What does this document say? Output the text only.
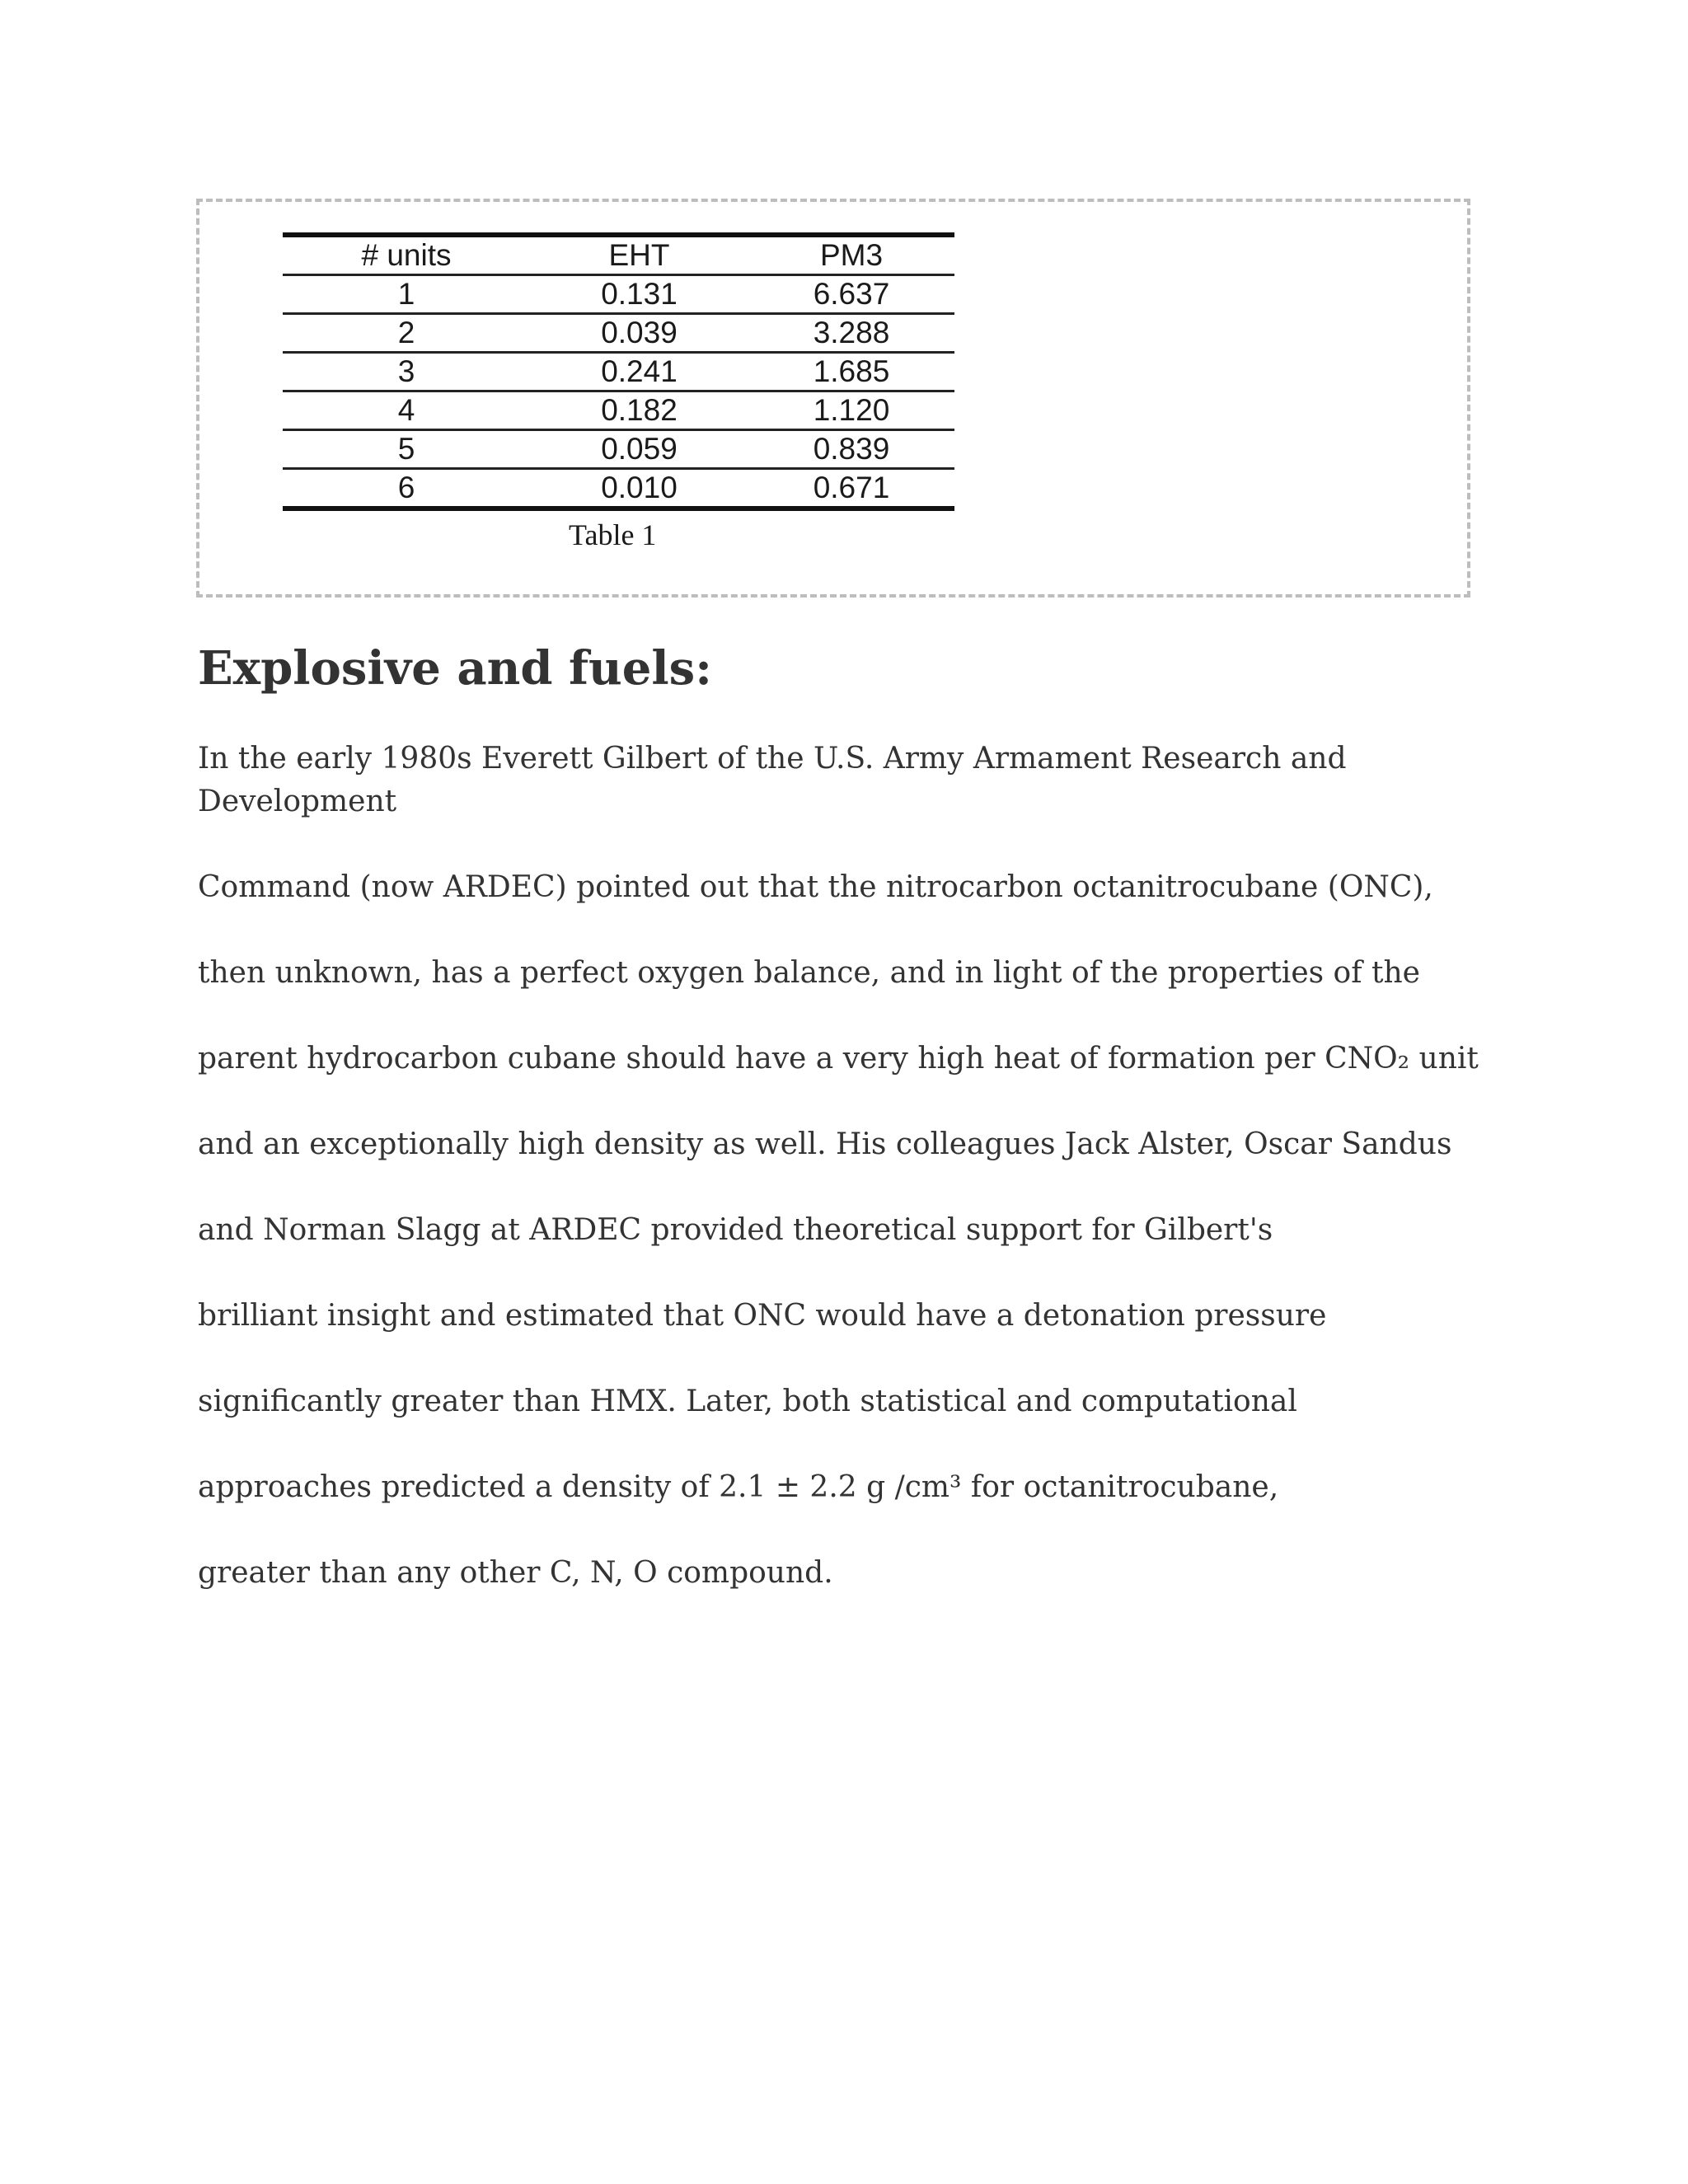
# units	EHT	PM3
1	0.131	6.637
2	0.039	3.288
3	0.241	1.685
4	0.182	1.120
5	0.059	0.839
6	0.010	0.671
Table 1
Explosive and fuels:

In the early 1980s Everett Gilbert of the U.S. Army Armament Research and

Development

Command (now ARDEC) pointed out that the nitrocarbon octanitrocubane (ONC),

then unknown, has a perfect oxygen balance, and in light of the properties of the

parent hydrocarbon cubane should have a very high heat of formation per CNO₂ unit

and an exceptionally high density as well. His colleagues Jack Alster, Oscar Sandus

and Norman Slagg at ARDEC provided theoretical support for Gilbert's

brilliant insight and estimated that ONC would have a detonation pressure

significantly greater than HMX. Later, both statistical and computational

approaches predicted a density of 2.1 ± 2.2 g /cm³ for octanitrocubane,

greater than any other C, N, O compound.
